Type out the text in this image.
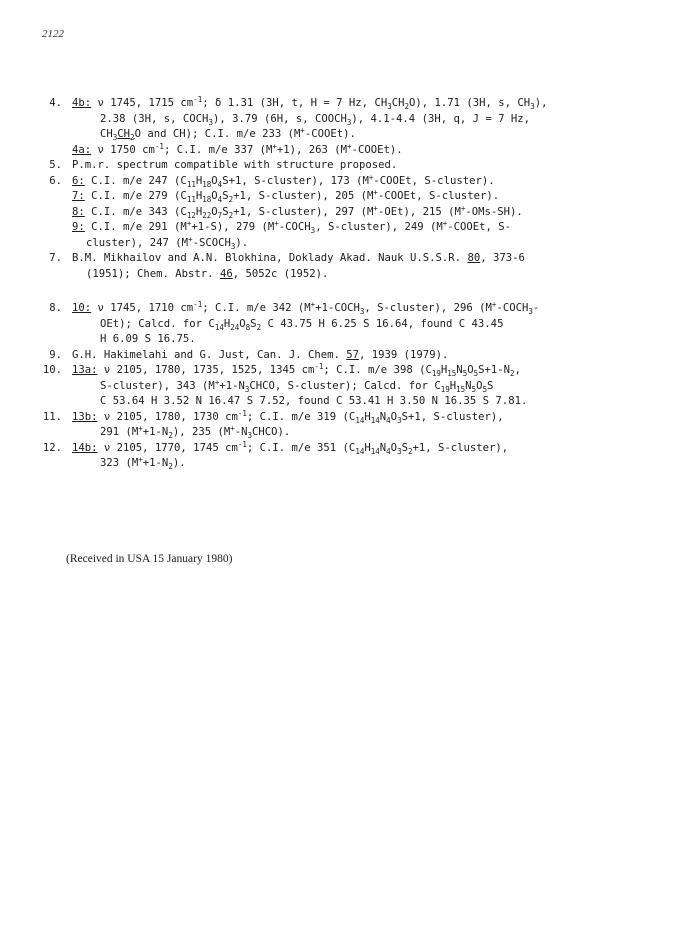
2122
4. 4b: ν 1745, 1715 $cm^{-1}$; δ 1.31 (3H, t, H = 7 Hz, $CH_3CH_2O$), 1.71 (3H, s, $CH_3$),
2.38 (3H, s, $COCH_3$), 3.79 (6H, s, $COOCH_3$), 4.1-4.4 (3H, q, J = 7 Hz,
$CH_3CH_2O$ and CH); C.I. m/e 233 (M+-COOEt).
4a: ν 1750 $cm^{-1}$; C.I. m/e 337 (M++1), 263 (M+-COOEt).
5. P.m.r. spectrum compatible with structure proposed.
6. 6: C.I. m/e 247 ($C_{11}H_{18}O_4S+1$, S-cluster), 173 (M+-COOEt, S-cluster).
7: C.I. m/e 279 ($C_{11}H_{18}O_4S_2+1$, S-cluster), 205 (M+-COOEt, S-cluster).
8: C.I. m/e 343 ($C_{12}H_{22}O_7S_2+1$, S-cluster), 297 (M+-OEt), 215 (M+-OMs-SH).
9: C.I. m/e 291 (M++1-S), 279 ($M^+-COCH_3$, S-cluster), 249 (M+-COOEt, S-
cluster), 247 $(M^+-SCOCH_3)$.
7. B.M. Mikhailov and A.N. Blokhina, Doklady Akad. Nauk U.S.S.R. 80, 373-6
(1951); Chem. Abstr. 46, 5052c (1952).
8. 10: ν 1745, 1710 $cm^{-1}$; C.I. m/e 342 ($M^++1-COCH_3$, S-cluster), 296 ($M^+-COCH_3-$
OEt); Calcd. for $C_{14}H_{24}O_8S_2$ C 43.75 H 6.25 S 16.64, found C 43.45
H 6.09 S 16.75.
9. G.H. Hakimelahi and G. Just, Can. J. Chem. 57, 1939 (1979).
10. 13a: ν 2105, 1780, 1735, 1525, 1345 $cm^{-1}$; C.I. m/e 398 ($C_{19}H_{15}N_5O_5S+1-N_2$,
S-cluster), 343 ($M^++1-N_3CHCO$, S-cluster); Calcd. for $C_{19}H_{15}N_5O_5S$
C 53.64 H 3.52 N 16.47 S 7.52, found C 53.41 H 3.50 N 16.35 S 7.81.
11. 13b: ν 2105, 1780, 1730 $cm^{-1}$; C.I. m/e 319 ($C_{14}H_{14}N_4O_3S+1$, S-cluster),
291 $(M^++1-N_2)$, 235 $(M^+-N_3CHCO)$.
12. 14b: ν 2105, 1770, 1745 $cm^{-1}$; C.I. m/e 351 ($C_{14}H_{14}N_4O_3S_2+1$, S-cluster),
323 $(M^++1-N_2)$.
(Received in USA 15 January 1980)
